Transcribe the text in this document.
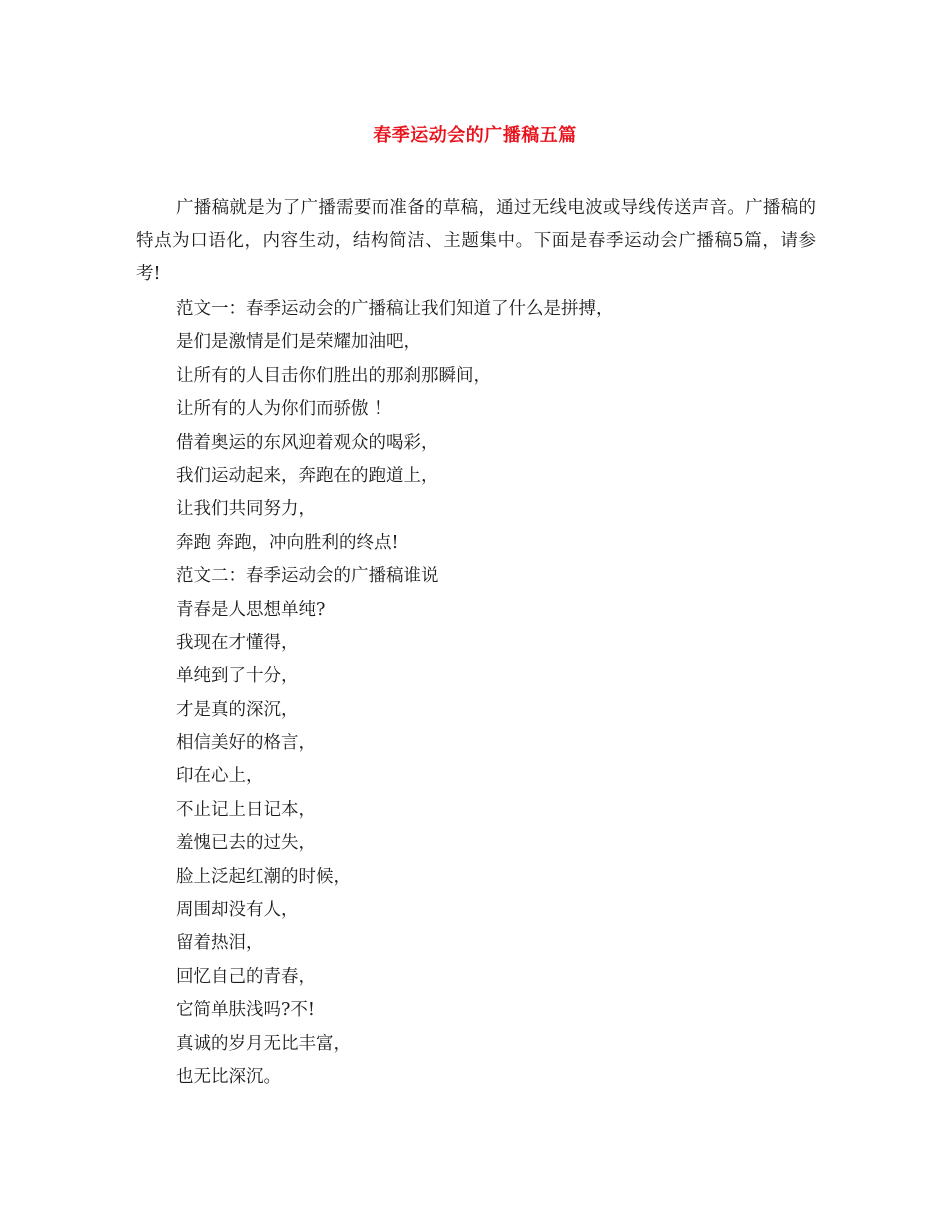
春季运动会的广播稿五篇

广播稿就是为了广播需要而准备的草稿，通过无线电波或导线传送声音。广播稿的特点为口语化，内容生动，结构简洁、主题集中。下面是春季运动会广播稿5篇，请参考!

范文一：春季运动会的广播稿让我们知道了什么是拼搏，
是们是激情是们是荣耀加油吧，
让所有的人目击你们胜出的那刹那瞬间，
让所有的人为你们而骄傲 ！
借着奥运的东风迎着观众的喝彩，
我们运动起来，奔跑在的跑道上，
让我们共同努力，
奔跑 奔跑，冲向胜利的终点!
范文二：春季运动会的广播稿谁说
青春是人思想单纯?
我现在才懂得，
单纯到了十分，
才是真的深沉，
相信美好的格言，
印在心上，
不止记上日记本，
羞愧已去的过失，
脸上泛起红潮的时候，
周围却没有人，
留着热泪，
回忆自己的青春，
它简单肤浅吗?不!
真诚的岁月无比丰富，
也无比深沉。
